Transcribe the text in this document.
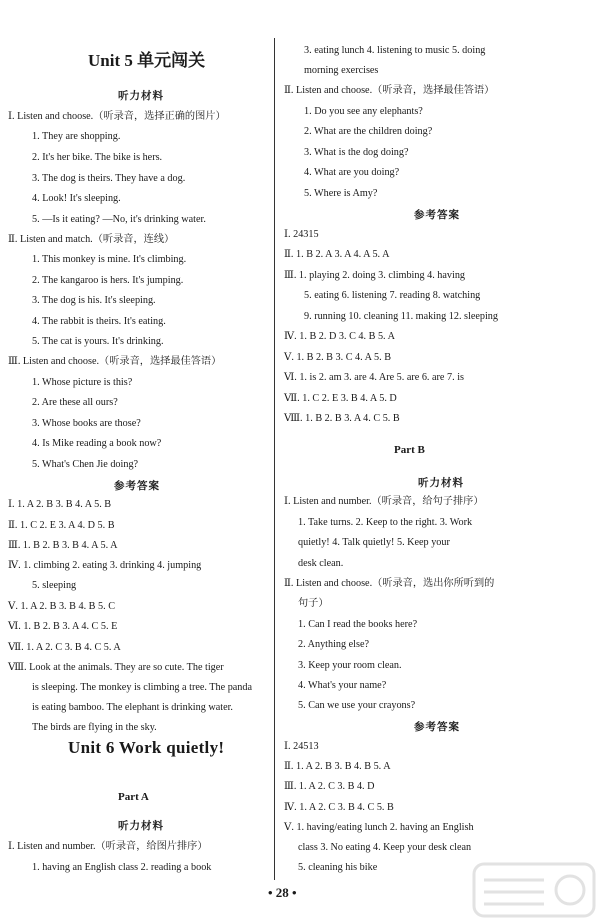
Unit 5 单元闯关
Unit 6 Work quietly!
Part A
Ⅰ. Listen and choose.（听录音，选择正确的图片）
1. They are shopping.
2. It's her bike. The bike is hers.
3. The dog is theirs. They have a dog.
4. Look! It's sleeping.
5. —Is it eating? —No, it's drinking water.
Ⅱ. Listen and match.（听录音，连线）
1. This monkey is mine. It's climbing.
2. The kangaroo is hers. It's jumping.
3. The dog is his. It's sleeping.
4. The rabbit is theirs. It's eating.
5. The cat is yours. It's drinking.
Ⅲ. Listen and choose.（听录音，选择最佳答语）
1. Whose picture is this?
2. Are these all ours?
3. Whose books are those?
4. Is Mike reading a book now?
5. What's Chen Jie doing?
Ⅰ. 1. A 2. B 3. B 4. A 5. B
Ⅱ. 1. C 2. E 3. A 4. D 5. B
Ⅲ. 1. B 2. B 3. B 4. A 5. A
Ⅳ. 1. climbing 2. eating 3. drinking 4. jumping
5. sleeping
Ⅴ. 1. A 2. B 3. B 4. B 5. C
Ⅵ. 1. B 2. B 3. A 4. C 5. E
Ⅶ. 1. A 2. C 3. B 4. C 5. A
Ⅷ. Look at the animals. They are so cute. The tiger
is sleeping. The monkey is climbing a tree. The panda
is eating bamboo. The elephant is drinking water.
The birds are flying in the sky.
Ⅰ. Listen and number.（听录音，给图片排序）
1. having an English class 2. reading a book
听力材料
参考答案
听力材料
Part B
3. eating lunch 4. listening to music 5. doing
morning exercises
Ⅱ. Listen and choose.（听录音，选择最佳答语）
1. Do you see any elephants?
2. What are the children doing?
3. What is the dog doing?
4. What are you doing?
5. Where is Amy?
Ⅰ. 24315
Ⅱ. 1. B 2. A 3. A 4. A 5. A
Ⅲ. 1. playing 2. doing 3. climbing 4. having
5. eating 6. listening 7. reading 8. watching
9. running 10. cleaning 11. making 12. sleeping
Ⅳ. 1. B 2. D 3. C 4. B 5. A
Ⅴ. 1. B 2. B 3. C 4. A 5. B
Ⅵ. 1. is 2. am 3. are 4. Are 5. are 6. are 7. is
Ⅶ. 1. C 2. E 3. B 4. A 5. D
Ⅷ. 1. B 2. B 3. A 4. C 5. B
Ⅰ. Listen and number.（听录音，给句子排序）
1. Take turns. 2. Keep to the right. 3. Work
quietly! 4. Talk quietly! 5. Keep your
desk clean.
Ⅱ. Listen and choose.（听录音，选出你所听到的
句子）
1. Can I read the books here?
2. Anything else?
3. Keep your room clean.
4. What's your name?
5. Can we use your crayons?
Ⅰ. 24513
Ⅱ. 1. A 2. B 3. B 4. B 5. A
Ⅲ. 1. A 2. C 3. B 4. D
Ⅳ. 1. A 2. C 3. B 4. C 5. B
Ⅴ. 1. having/eating lunch 2. having an English
class 3. No eating 4. Keep your desk clean
5. cleaning his bike
参考答案
听力材料
参考答案
• 28 •
